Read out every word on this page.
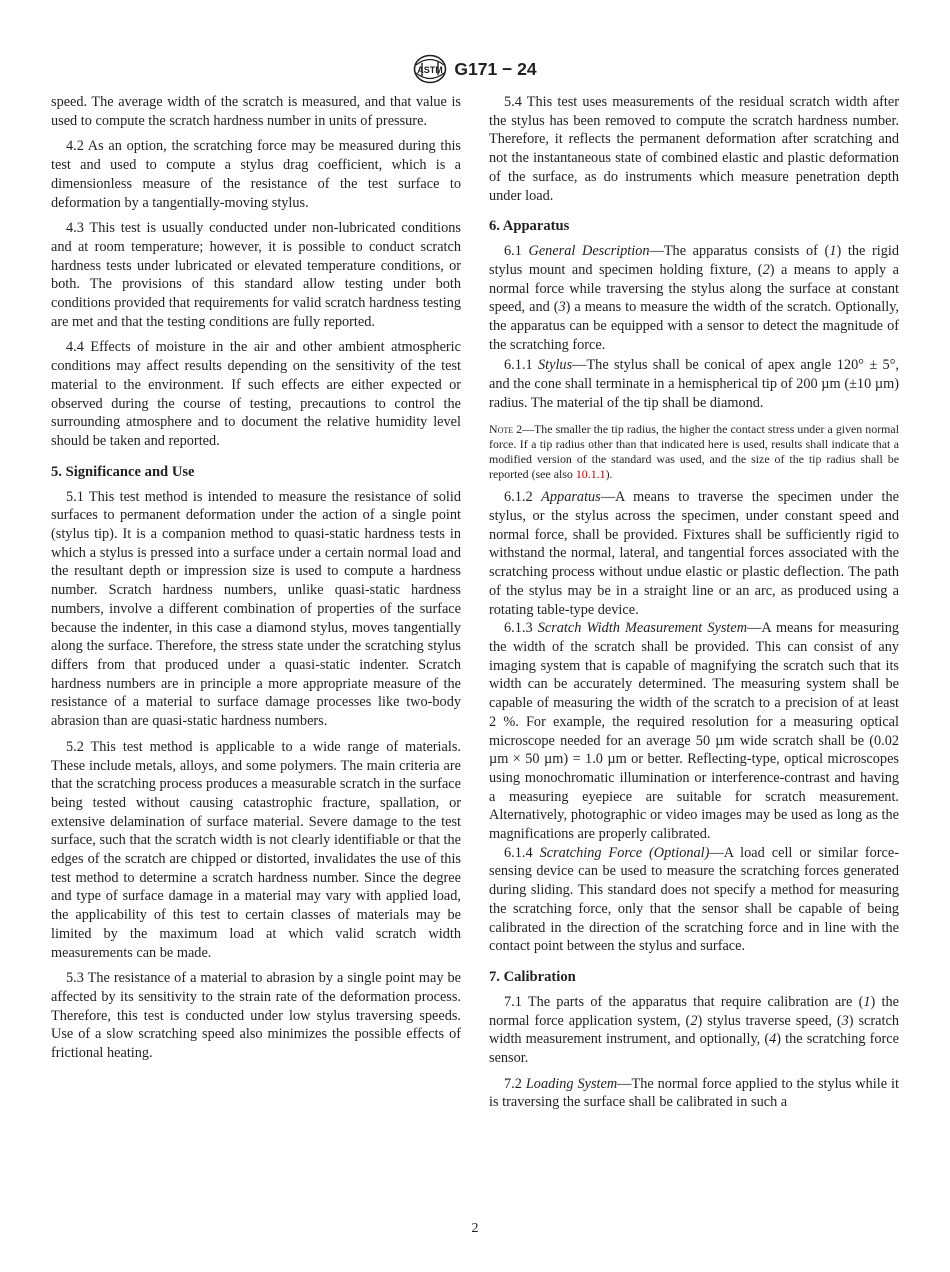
ASTM G171 − 24

speed. The average width of the scratch is measured, and that value is used to compute the scratch hardness number in units of pressure.

4.2 As an option, the scratching force may be measured during this test and used to compute a stylus drag coefficient, which is a dimensionless measure of the resistance of the test surface to deformation by a tangentially-moving stylus.

4.3 This test is usually conducted under non-lubricated conditions and at room temperature; however, it is possible to conduct scratch hardness tests under lubricated or elevated temperature conditions, or both. The provisions of this standard allow testing under both conditions provided that requirements for valid scratch hardness testing are met and that the testing conditions are fully reported.

4.4 Effects of moisture in the air and other ambient atmospheric conditions may affect results depending on the sensitivity of the test material to the environment. If such effects are either expected or observed during the course of testing, precautions to control the surrounding atmosphere and to document the relative humidity level should be taken and reported.

5. Significance and Use

5.1 This test method is intended to measure the resistance of solid surfaces to permanent deformation under the action of a single point (stylus tip). It is a companion method to quasi-static hardness tests in which a stylus is pressed into a surface under a certain normal load and the resultant depth or impression size is used to compute a hardness number. Scratch hardness numbers, unlike quasi-static hardness numbers, involve a different combination of properties of the surface because the indenter, in this case a diamond stylus, moves tangentially along the surface. Therefore, the stress state under the scratching stylus differs from that produced under a quasi-static indenter. Scratch hardness numbers are in principle a more appropriate measure of the resistance of a material to surface damage processes like two-body abrasion than are quasi-static hardness numbers.

5.2 This test method is applicable to a wide range of materials. These include metals, alloys, and some polymers. The main criteria are that the scratching process produces a measurable scratch in the surface being tested without causing catastrophic fracture, spallation, or extensive delamination of surface material. Severe damage to the test surface, such that the scratch width is not clearly identifiable or that the edges of the scratch are chipped or distorted, invalidates the use of this test method to determine a scratch hardness number. Since the degree and type of surface damage in a material may vary with applied load, the applicability of this test to certain classes of materials may be limited by the maximum load at which valid scratch width measurements can be made.

5.3 The resistance of a material to abrasion by a single point may be affected by its sensitivity to the strain rate of the deformation process. Therefore, this test is conducted under low stylus traversing speeds. Use of a slow scratching speed also minimizes the possible effects of frictional heating.

5.4 This test uses measurements of the residual scratch width after the stylus has been removed to compute the scratch hardness number. Therefore, it reflects the permanent deformation after scratching and not the instantaneous state of combined elastic and plastic deformation of the surface, as do instruments which measure penetration depth under load.

6. Apparatus

6.1 General Description—The apparatus consists of (1) the rigid stylus mount and specimen holding fixture, (2) a means to apply a normal force while traversing the stylus along the surface at constant speed, and (3) a means to measure the width of the scratch. Optionally, the apparatus can be equipped with a sensor to detect the magnitude of the scratching force.

6.1.1 Stylus—The stylus shall be conical of apex angle 120° ± 5°, and the cone shall terminate in a hemispherical tip of 200 µm (±10 µm) radius. The material of the tip shall be diamond.

Note 2—The smaller the tip radius, the higher the contact stress under a given normal force. If a tip radius other than that indicated here is used, results shall indicate that a modified version of the standard was used, and the size of the tip radius shall be reported (see also 10.1.1).

6.1.2 Apparatus—A means to traverse the specimen under the stylus, or the stylus across the specimen, under constant speed and normal force, shall be provided. Fixtures shall be sufficiently rigid to withstand the normal, lateral, and tangential forces associated with the scratching process without undue elastic or plastic deflection. The path of the stylus may be in a straight line or an arc, as produced using a rotating table-type device.

6.1.3 Scratch Width Measurement System—A means for measuring the width of the scratch shall be provided. This can consist of any imaging system that is capable of magnifying the scratch such that its width can be accurately determined. The measuring system shall be capable of measuring the width of the scratch to a precision of at least 2 %. For example, the required resolution for a measuring optical microscope needed for an average 50 µm wide scratch shall be (0.02 µm × 50 µm) = 1.0 µm or better. Reflecting-type, optical microscopes using monochromatic illumination or interference-contrast and having a measuring eyepiece are suitable for scratch measurement. Alternatively, photographic or video images may be used as long as the magnifications are properly calibrated.

6.1.4 Scratching Force (Optional)—A load cell or similar force-sensing device can be used to measure the scratching forces generated during sliding. This standard does not specify a method for measuring the scratching force, only that the sensor shall be capable of being calibrated in the direction of the scratching force and in line with the contact point between the stylus and surface.

7. Calibration

7.1 The parts of the apparatus that require calibration are (1) the normal force application system, (2) stylus traverse speed, (3) scratch width measurement instrument, and optionally, (4) the scratching force sensor.

7.2 Loading System—The normal force applied to the stylus while it is traversing the surface shall be calibrated in such a

2
